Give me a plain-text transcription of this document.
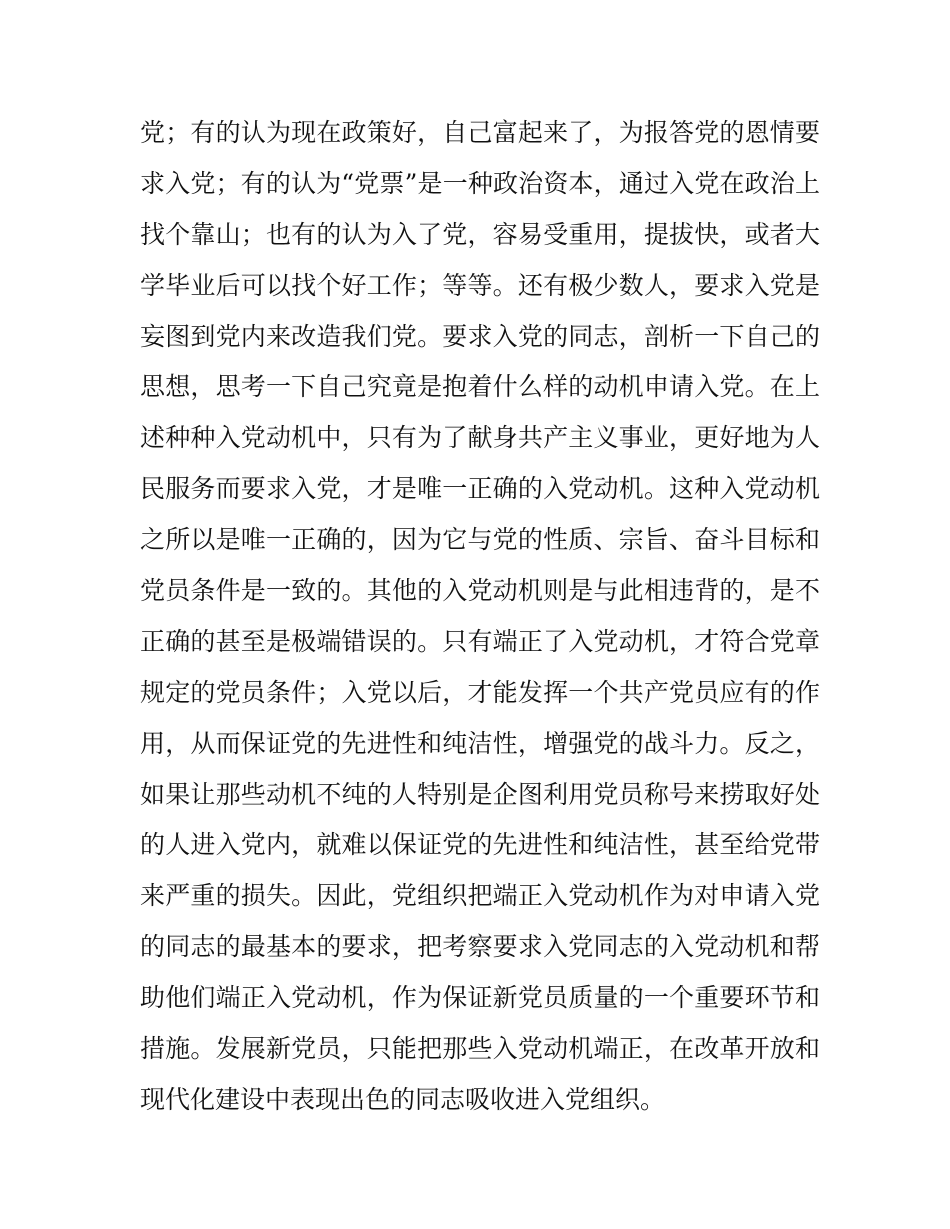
党；有的认为现在政策好，自己富起来了，为报答党的恩情要
求入党；有的认为“党票”是一种政治资本，通过入党在政治上
找个靠山；也有的认为入了党，容易受重用，提拔快，或者大
学毕业后可以找个好工作；等等。还有极少数人，要求入党是
妄图到党内来改造我们党。要求入党的同志，剖析一下自己的
思想，思考一下自己究竟是抱着什么样的动机申请入党。在上
述种种入党动机中，只有为了献身共产主义事业，更好地为人
民服务而要求入党，才是唯一正确的入党动机。这种入党动机
之所以是唯一正确的，因为它与党的性质、宗旨、奋斗目标和
党员条件是一致的。其他的入党动机则是与此相违背的，是不
正确的甚至是极端错误的。只有端正了入党动机，才符合党章
规定的党员条件；入党以后，才能发挥一个共产党员应有的作
用，从而保证党的先进性和纯洁性，增强党的战斗力。反之，
如果让那些动机不纯的人特别是企图利用党员称号来捞取好处
的人进入党内，就难以保证党的先进性和纯洁性，甚至给党带
来严重的损失。因此，党组织把端正入党动机作为对申请入党
的同志的最基本的要求，把考察要求入党同志的入党动机和帮
助他们端正入党动机，作为保证新党员质量的一个重要环节和
措施。发展新党员，只能把那些入党动机端正，在改革开放和
现代化建设中表现出色的同志吸收进入党组织。
